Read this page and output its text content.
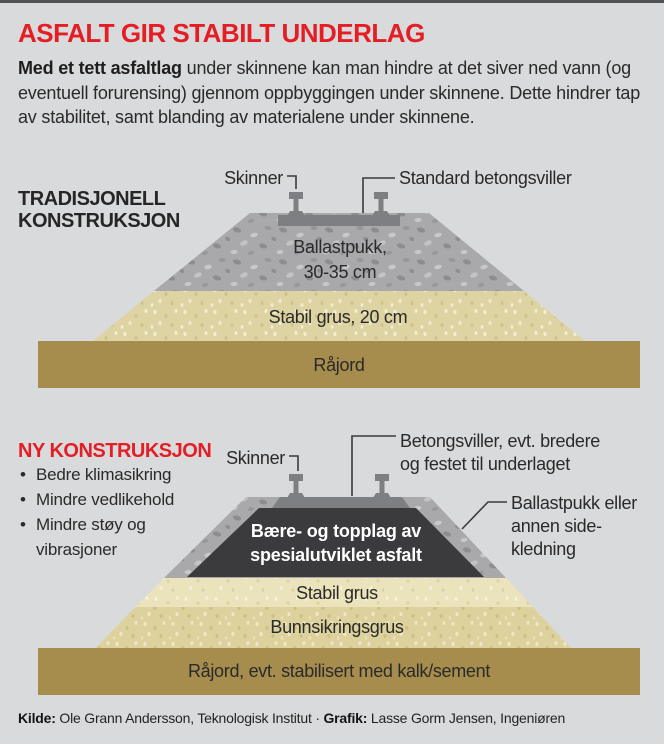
ASFALT GIR STABILT UNDERLAG
Med et tett asfaltlag under skinnene kan man hindre at det siver ned vann (og eventuell forurensing) gjennom oppbyggingen under skinnene. Dette hindrer tap av stabilitet, samt blanding av materialene under skinnene.
TRADISJONELL
KONSTRUKSJON
NY KONSTRUKSJON
• Bedre klimasikring
• Mindre vedlikehold
• Mindre støy og vibrasjoner
Skinner	Standard betongsviller
Ballastpukk,
30-35 cm
Stabil grus, 20 cm
Råjord
Skinner
Betongsviller, evt. bredere
og festet til underlaget
Ballastpukk eller
annen side-
kledning
Bære- og topplag av
spesialutviklet asfalt
Stabil grus
Bunnsikringsgrus
Råjord, evt. stabilisert med kalk/sement
Kilde: Ole Grann Andersson, Teknologisk Institut · Grafik: Lasse Gorm Jensen, Ingeniøren
